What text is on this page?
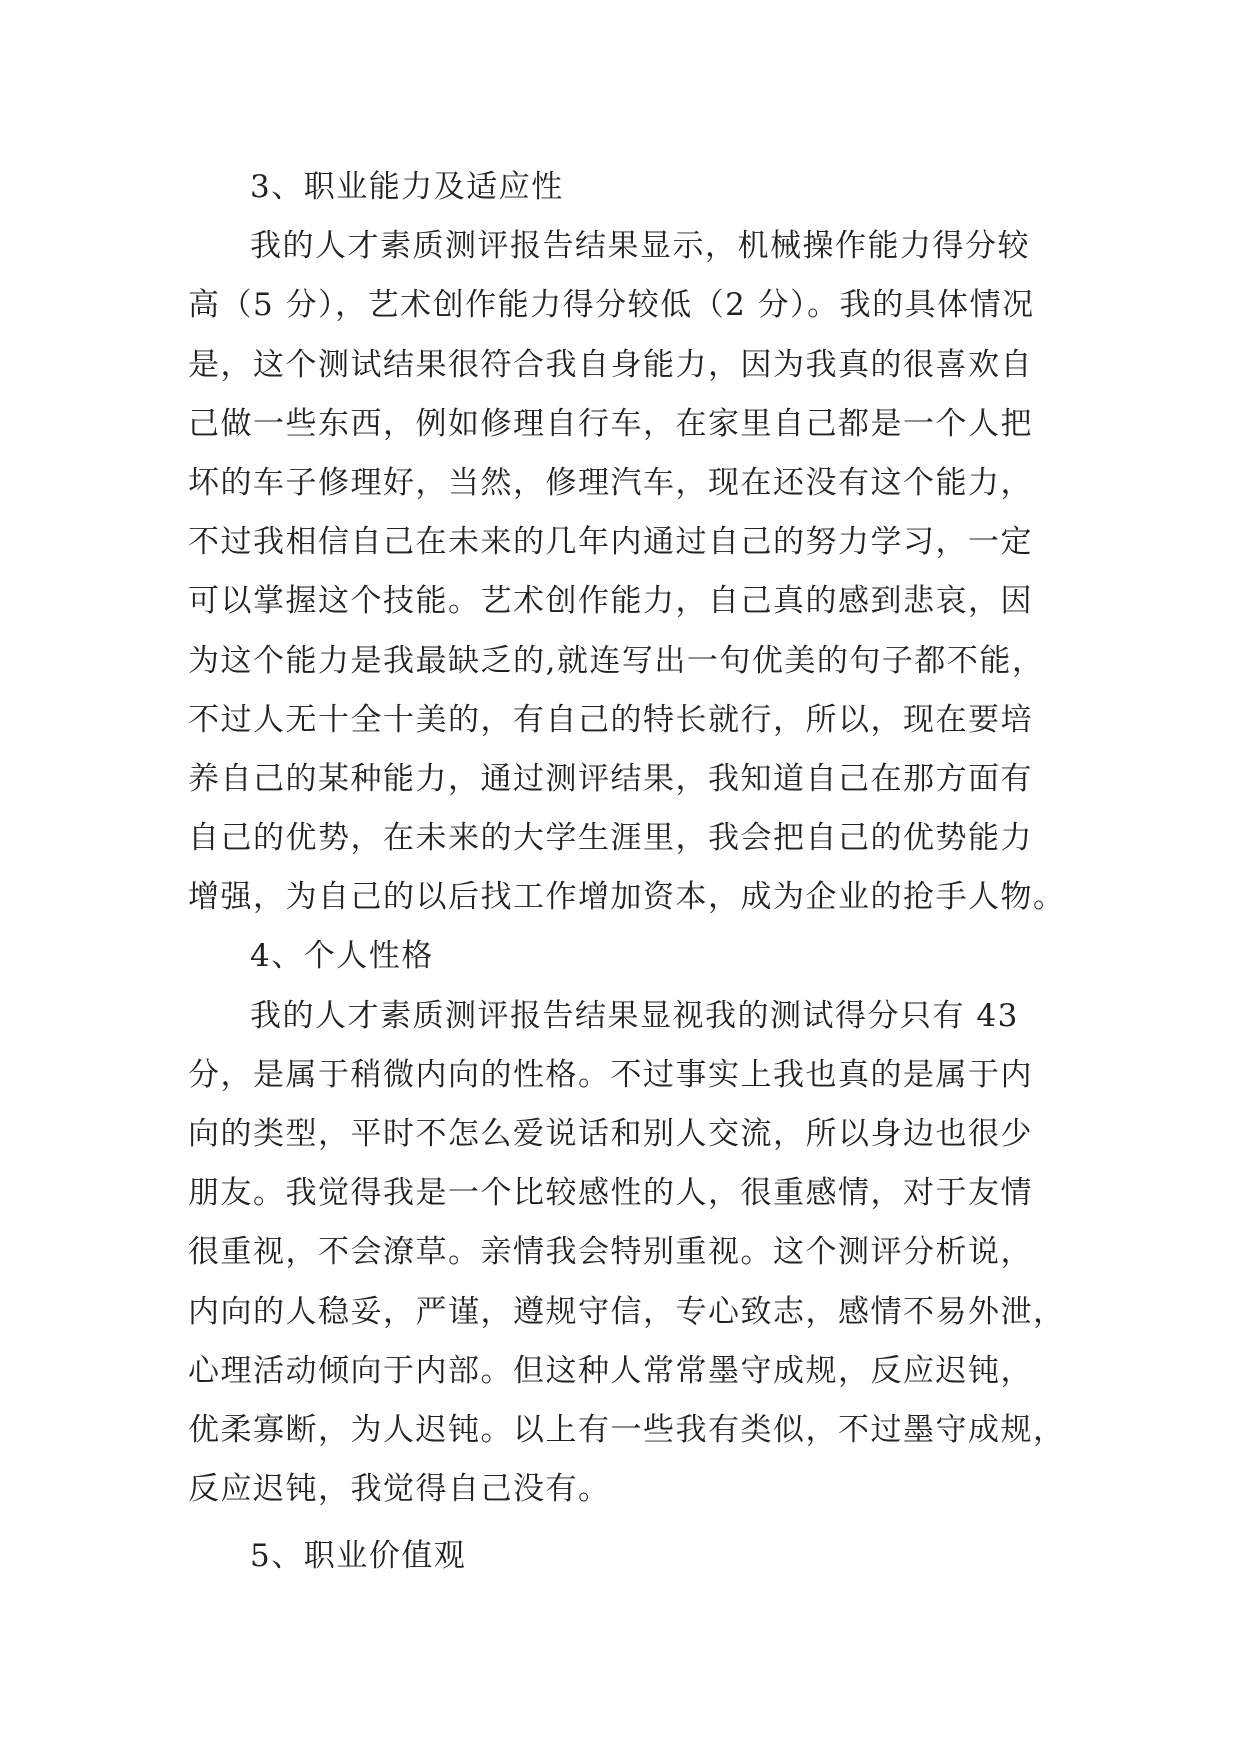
3、职业能力及适应性
我的人才素质测评报告结果显示，机械操作能力得分较
高（5 分），艺术创作能力得分较低（2 分）。我的具体情况
是，这个测试结果很符合我自身能力，因为我真的很喜欢自
己做一些东西，例如修理自行车，在家里自己都是一个人把
坏的车子修理好，当然，修理汽车，现在还没有这个能力，
不过我相信自己在未来的几年内通过自己的努力学习，一定
可以掌握这个技能。艺术创作能力，自己真的感到悲哀，因
为这个能力是我最缺乏的,就连写出一句优美的句子都不能，
不过人无十全十美的，有自己的特长就行，所以，现在要培
养自己的某种能力，通过测评结果，我知道自己在那方面有
自己的优势，在未来的大学生涯里，我会把自己的优势能力
增强，为自己的以后找工作增加资本，成为企业的抢手人物。
4、个人性格
我的人才素质测评报告结果显视我的测试得分只有 43
分，是属于稍微内向的性格。不过事实上我也真的是属于内
向的类型，平时不怎么爱说话和别人交流，所以身边也很少
朋友。我觉得我是一个比较感性的人，很重感情，对于友情
很重视，不会潦草。亲情我会特别重视。这个测评分析说，
内向的人稳妥，严谨，遵规守信，专心致志，感情不易外泄，
心理活动倾向于内部。但这种人常常墨守成规，反应迟钝，
优柔寡断，为人迟钝。以上有一些我有类似，不过墨守成规，
反应迟钝，我觉得自己没有。
5、职业价值观
